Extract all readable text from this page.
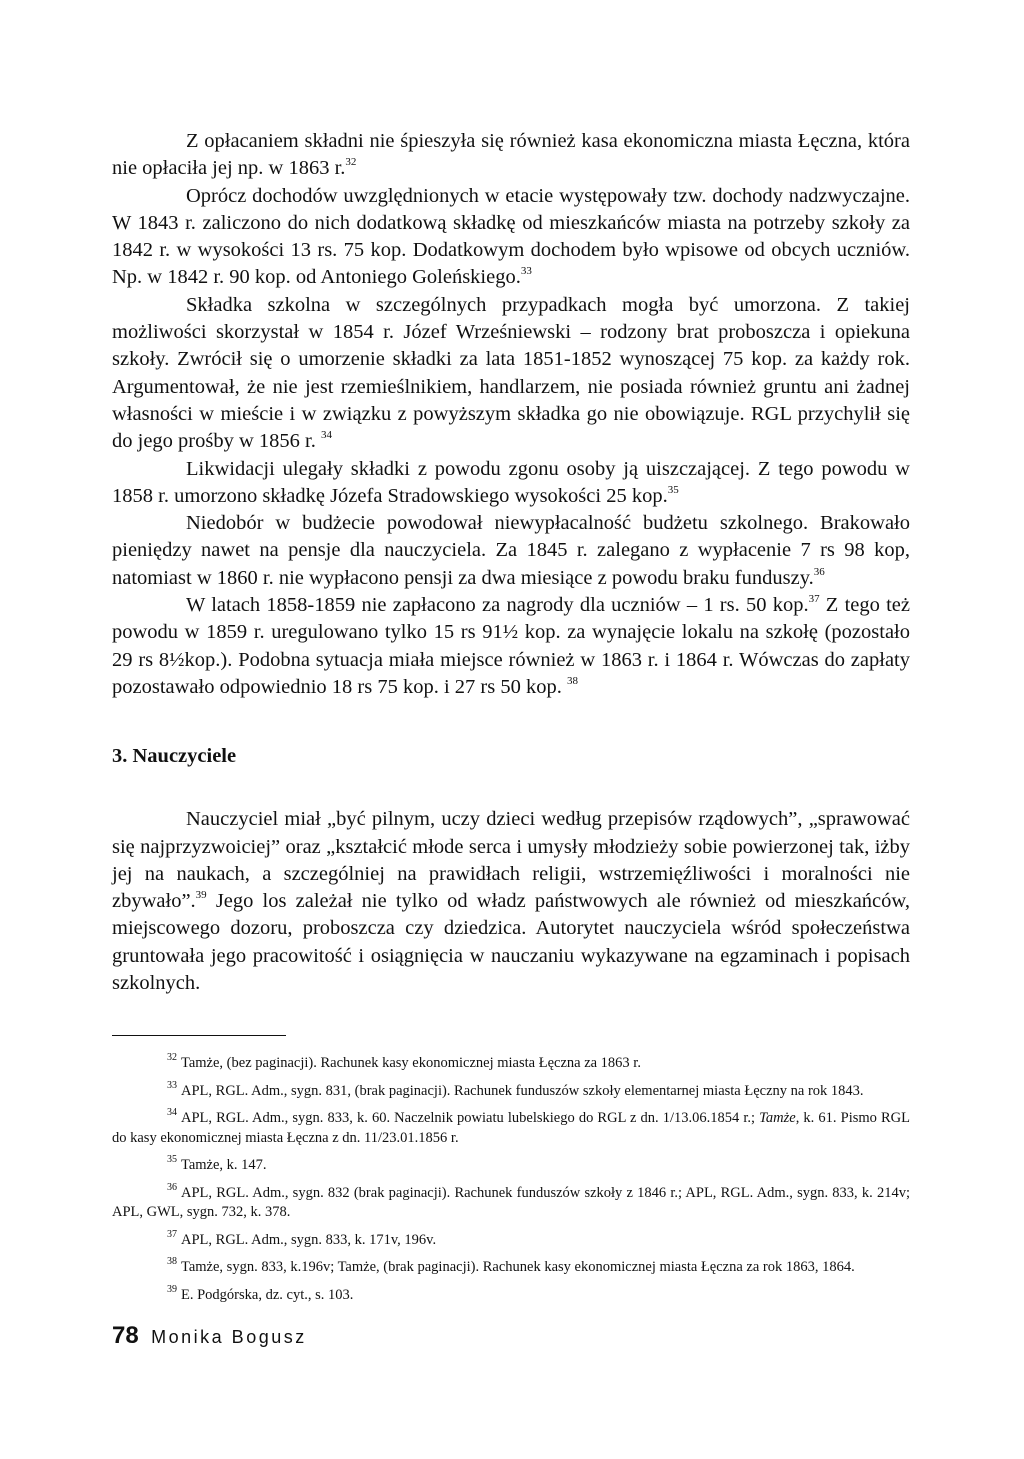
Z opłacaniem składni nie śpieszyła się również kasa ekonomiczna miasta Łęczna, która nie opłaciła jej np. w 1863 r.$^{32}$

Oprócz dochodów uwzględnionych w etacie występowały tzw. dochody nadzwyczajne. W 1843 r. zaliczono do nich dodatkową składkę od mieszkańców miasta na potrzeby szkoły za 1842 r. w wysokości 13 rs. 75 kop. Dodatkowym dochodem było wpisowe od obcych uczniów. Np. w 1842 r. 90 kop. od Antoniego Goleńskiego.$^{33}$

Składka szkolna w szczególnych przypadkach mogła być umorzona. Z takiej możliwości skorzystał w 1854 r. Józef Wrześniewski – rodzony brat proboszcza i opiekuna szkoły. Zwrócił się o umorzenie składki za lata 1851-1852 wynoszącej 75 kop. za każdy rok. Argumentował, że nie jest rzemieślnikiem, handlarzem, nie posiada również gruntu ani żadnej własności w mieście i w związku z powyższym składka go nie obowiązuje. RGL przychylił się do jego prośby w 1856 r. $^{34}$

Likwidacji ulegały składki z powodu zgonu osoby ją uiszczającej. Z tego powodu w 1858 r. umorzono składkę Józefa Stradowskiego wysokości 25 kop.$^{35}$

Niedobór w budżecie powodował niewypłacalność budżetu szkolnego. Brakowało pieniędzy nawet na pensje dla nauczyciela. Za 1845 r. zalegano z wypłacenie 7 rs 98 kop, natomiast w 1860 r. nie wypłacono pensji za dwa miesiące z powodu braku funduszy.$^{36}$

W latach 1858-1859 nie zapłacono za nagrody dla uczniów – 1 rs. 50 kop.$^{37}$ Z tego też powodu w 1859 r. uregulowano tylko 15 rs 91½ kop. za wynajęcie lokalu na szkołę (pozostało 29 rs 8½kop.). Podobna sytuacja miała miejsce również w 1863 r. i 1864 r. Wówczas do zapłaty pozostawało odpowiednio 18 rs 75 kop. i 27 rs 50 kop. $^{38}$

3. Nauczyciele

Nauczyciel miał „być pilnym, uczy dzieci według przepisów rządowych”, „sprawować się najprzyzwoiciej” oraz „kształcić młode serca i umysły młodzieży sobie powierzonej tak, iżby jej na naukach, a szczególniej na prawidłach religii, wstrzemięźliwości i moralności nie zbywało”.$^{39}$ Jego los zależał nie tylko od władz państwowych ale również od mieszkańców, miejscowego dozoru, proboszcza czy dziedzica. Autorytet nauczyciela wśród społeczeństwa gruntowała jego pracowitość i osiągnięcia w nauczaniu wykazywane na egzaminach i popisach szkolnych.

$^{32}$ Tamże, (bez paginacji). Rachunek kasy ekonomicznej miasta Łęczna za 1863 r.

$^{33}$ APL, RGL. Adm., sygn. 831, (brak paginacji). Rachunek funduszów szkoły elementarnej miasta Łęczny na rok 1843.

$^{34}$ APL, RGL. Adm., sygn. 833, k. 60. Naczelnik powiatu lubelskiego do RGL z dn. 1/13.06.1854 r.; Tamże, k. 61. Pismo RGL do kasy ekonomicznej miasta Łęczna z dn. 11/23.01.1856 r.

$^{35}$ Tamże, k. 147.

$^{36}$ APL, RGL. Adm., sygn. 832 (brak paginacji). Rachunek funduszów szkoły z 1846 r.; APL, RGL. Adm., sygn. 833, k. 214v; APL, GWL, sygn. 732, k. 378.

$^{37}$ APL, RGL. Adm., sygn. 833, k. 171v, 196v.

$^{38}$ Tamże, sygn. 833, k.196v; Tamże, (brak paginacji). Rachunek kasy ekonomicznej miasta Łęczna za rok 1863, 1864.

$^{39}$ E. Podgórska, dz. cyt., s. 103.

78 Monika Bogusz
